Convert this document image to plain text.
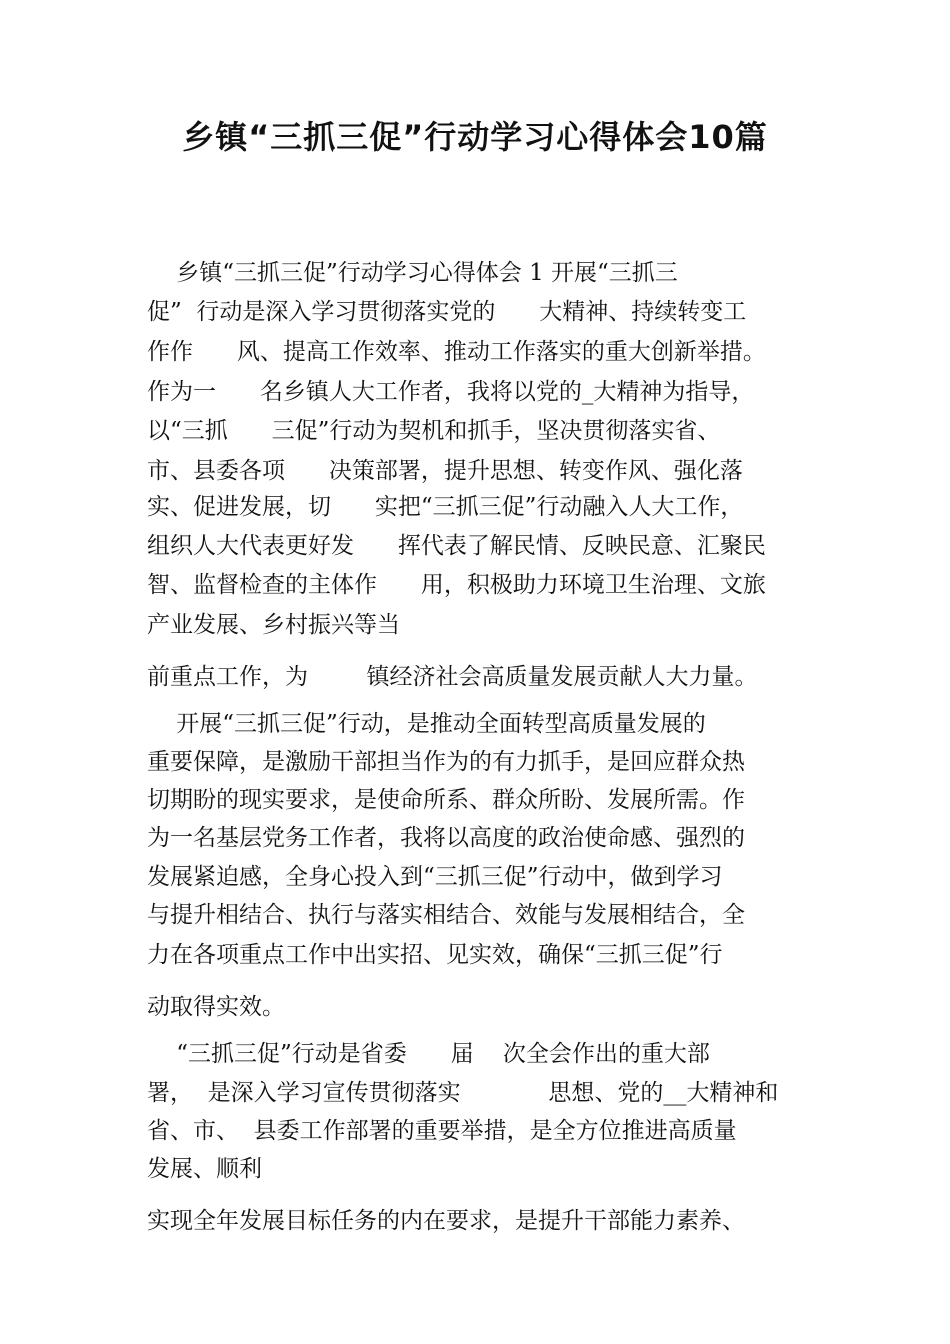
乡镇“三抓三促”行动学习心得体会10篇
乡镇“三抓三促”行动学习心得体会 1 开展“三抓三
促”  行动是深入学习贯彻落实党的      大精神、持续转变工
作作      风、提高工作效率、推动工作落实的重大创新举措。
作为一      名乡镇人大工作者，我将以党的_大精神为指导，
以“三抓      三促”行动为契机和抓手，坚决贯彻落实省、
市、县委各项      决策部署，提升思想、转变作风、强化落
实、促进发展，切      实把“三抓三促”行动融入人大工作，
组织人大代表更好发      挥代表了解民情、反映民意、汇聚民
智、监督检查的主体作      用，积极助力环境卫生治理、文旅
产业发展、乡村振兴等当
前重点工作，为        镇经济社会高质量发展贡献人大力量。
开展“三抓三促”行动，是推动全面转型高质量发展的
重要保障，是激励干部担当作为的有力抓手，是回应群众热
切期盼的现实要求，是使命所系、群众所盼、发展所需。作
为一名基层党务工作者，我将以高度的政治使命感、强烈的
发展紧迫感，全身心投入到“三抓三促”行动中，做到学习
与提升相结合、执行与落实相结合、效能与发展相结合，全
力在各项重点工作中出实招、见实效，确保“三抓三促”行
动取得实效。
“三抓三促”行动是省委      届    次全会作出的重大部
署，  是深入学习宣传贯彻落实            思想、党的__大精神和
省、市、  县委工作部署的重要举措，是全方位推进高质量
发展、顺利
实现全年发展目标任务的内在要求，是提升干部能力素养、
